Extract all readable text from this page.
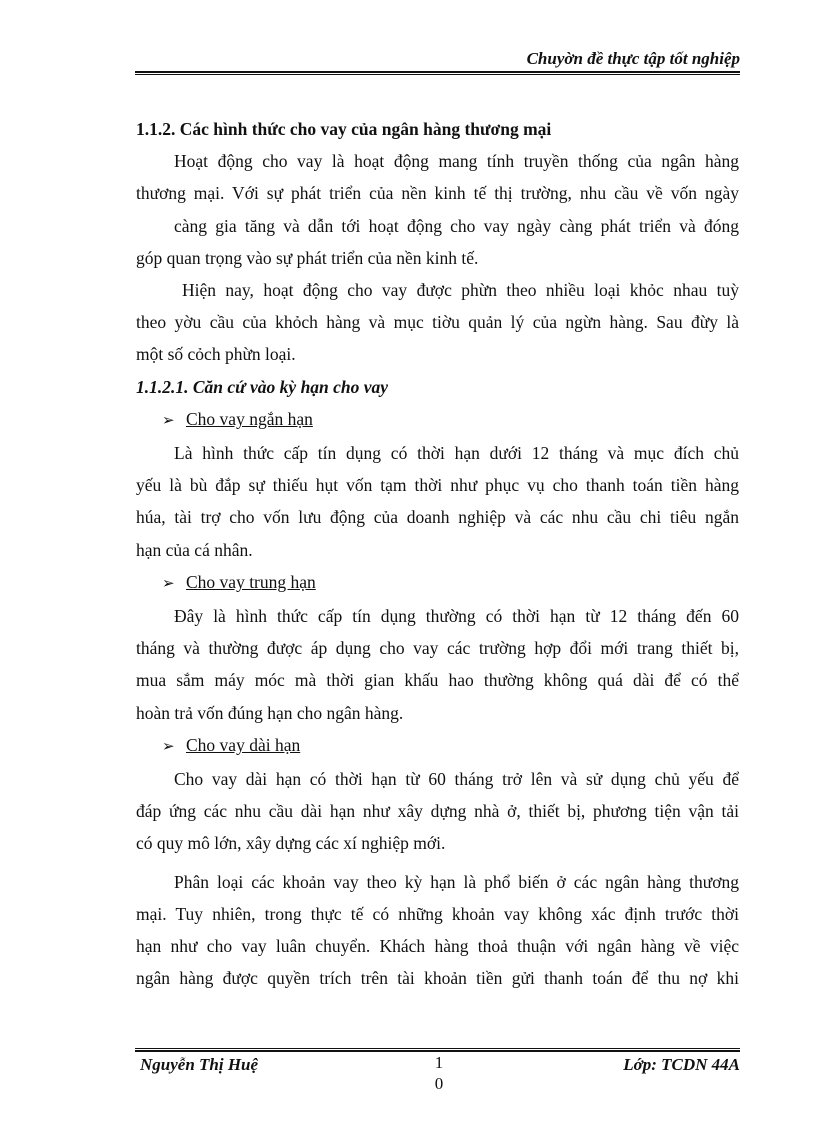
Chuyờn đề thực tập tốt nghiệp

1.1.2. Các hình thức cho vay của ngân hàng thương mại

Hoạt động cho vay là hoạt động mang tính truyền thống của ngân hàng

thương mại. Với sự phát triển của nền kinh tế thị trường, nhu cầu về vốn ngày

càng gia tăng và dẫn tới hoạt động cho vay ngày càng phát triển và đóng

góp quan trọng vào sự phát triển của nền kinh tế.

Hiện nay, hoạt động cho vay được phừn theo nhiều loại khỏc nhau tuỳ

theo yờu cầu của khỏch hàng và mục tiờu quản lý của ngừn hàng. Sau đừy là

một số cỏch phừn loại.

1.1.2.1. Căn cứ vào kỳ hạn cho vay

➢ Cho vay ngắn hạn

Là hình thức cấp tín dụng có thời hạn dưới 12 tháng và mục đích chủ

yếu là bù đắp sự thiếu hụt vốn tạm thời như phục vụ cho thanh toán tiền hàng

húa, tài trợ cho vốn lưu động của doanh nghiệp và các nhu cầu chi tiêu ngắn

hạn của cá nhân.

➢ Cho vay trung hạn

Đây là hình thức cấp tín dụng thường có thời hạn từ 12 tháng đến 60

tháng và thường được áp dụng cho vay các trường hợp đổi mới trang thiết bị,

mua sắm máy móc mà thời gian khấu hao thường không quá dài để có thể

hoàn trả vốn đúng hạn cho ngân hàng.

➢ Cho vay dài hạn

Cho vay dài hạn có thời hạn từ 60 tháng trở lên và sử dụng chủ yếu để

đáp ứng các nhu cầu dài hạn như xây dựng nhà ở, thiết bị, phương tiện vận tải

có quy mô lớn, xây dựng các xí nghiệp mới.

Phân loại các khoản vay theo kỳ hạn là phổ biến ở các ngân hàng thương

mại. Tuy nhiên, trong thực tế có những khoản vay không xác định trước thời

hạn như cho vay luân chuyển. Khách hàng thoả thuận với ngân hàng về việc

ngân hàng được quyền trích trên tài khoản tiền gửi thanh toán để thu nợ khi

Nguyễn Thị Huệ	1
0
Lớp: TCDN 44A
